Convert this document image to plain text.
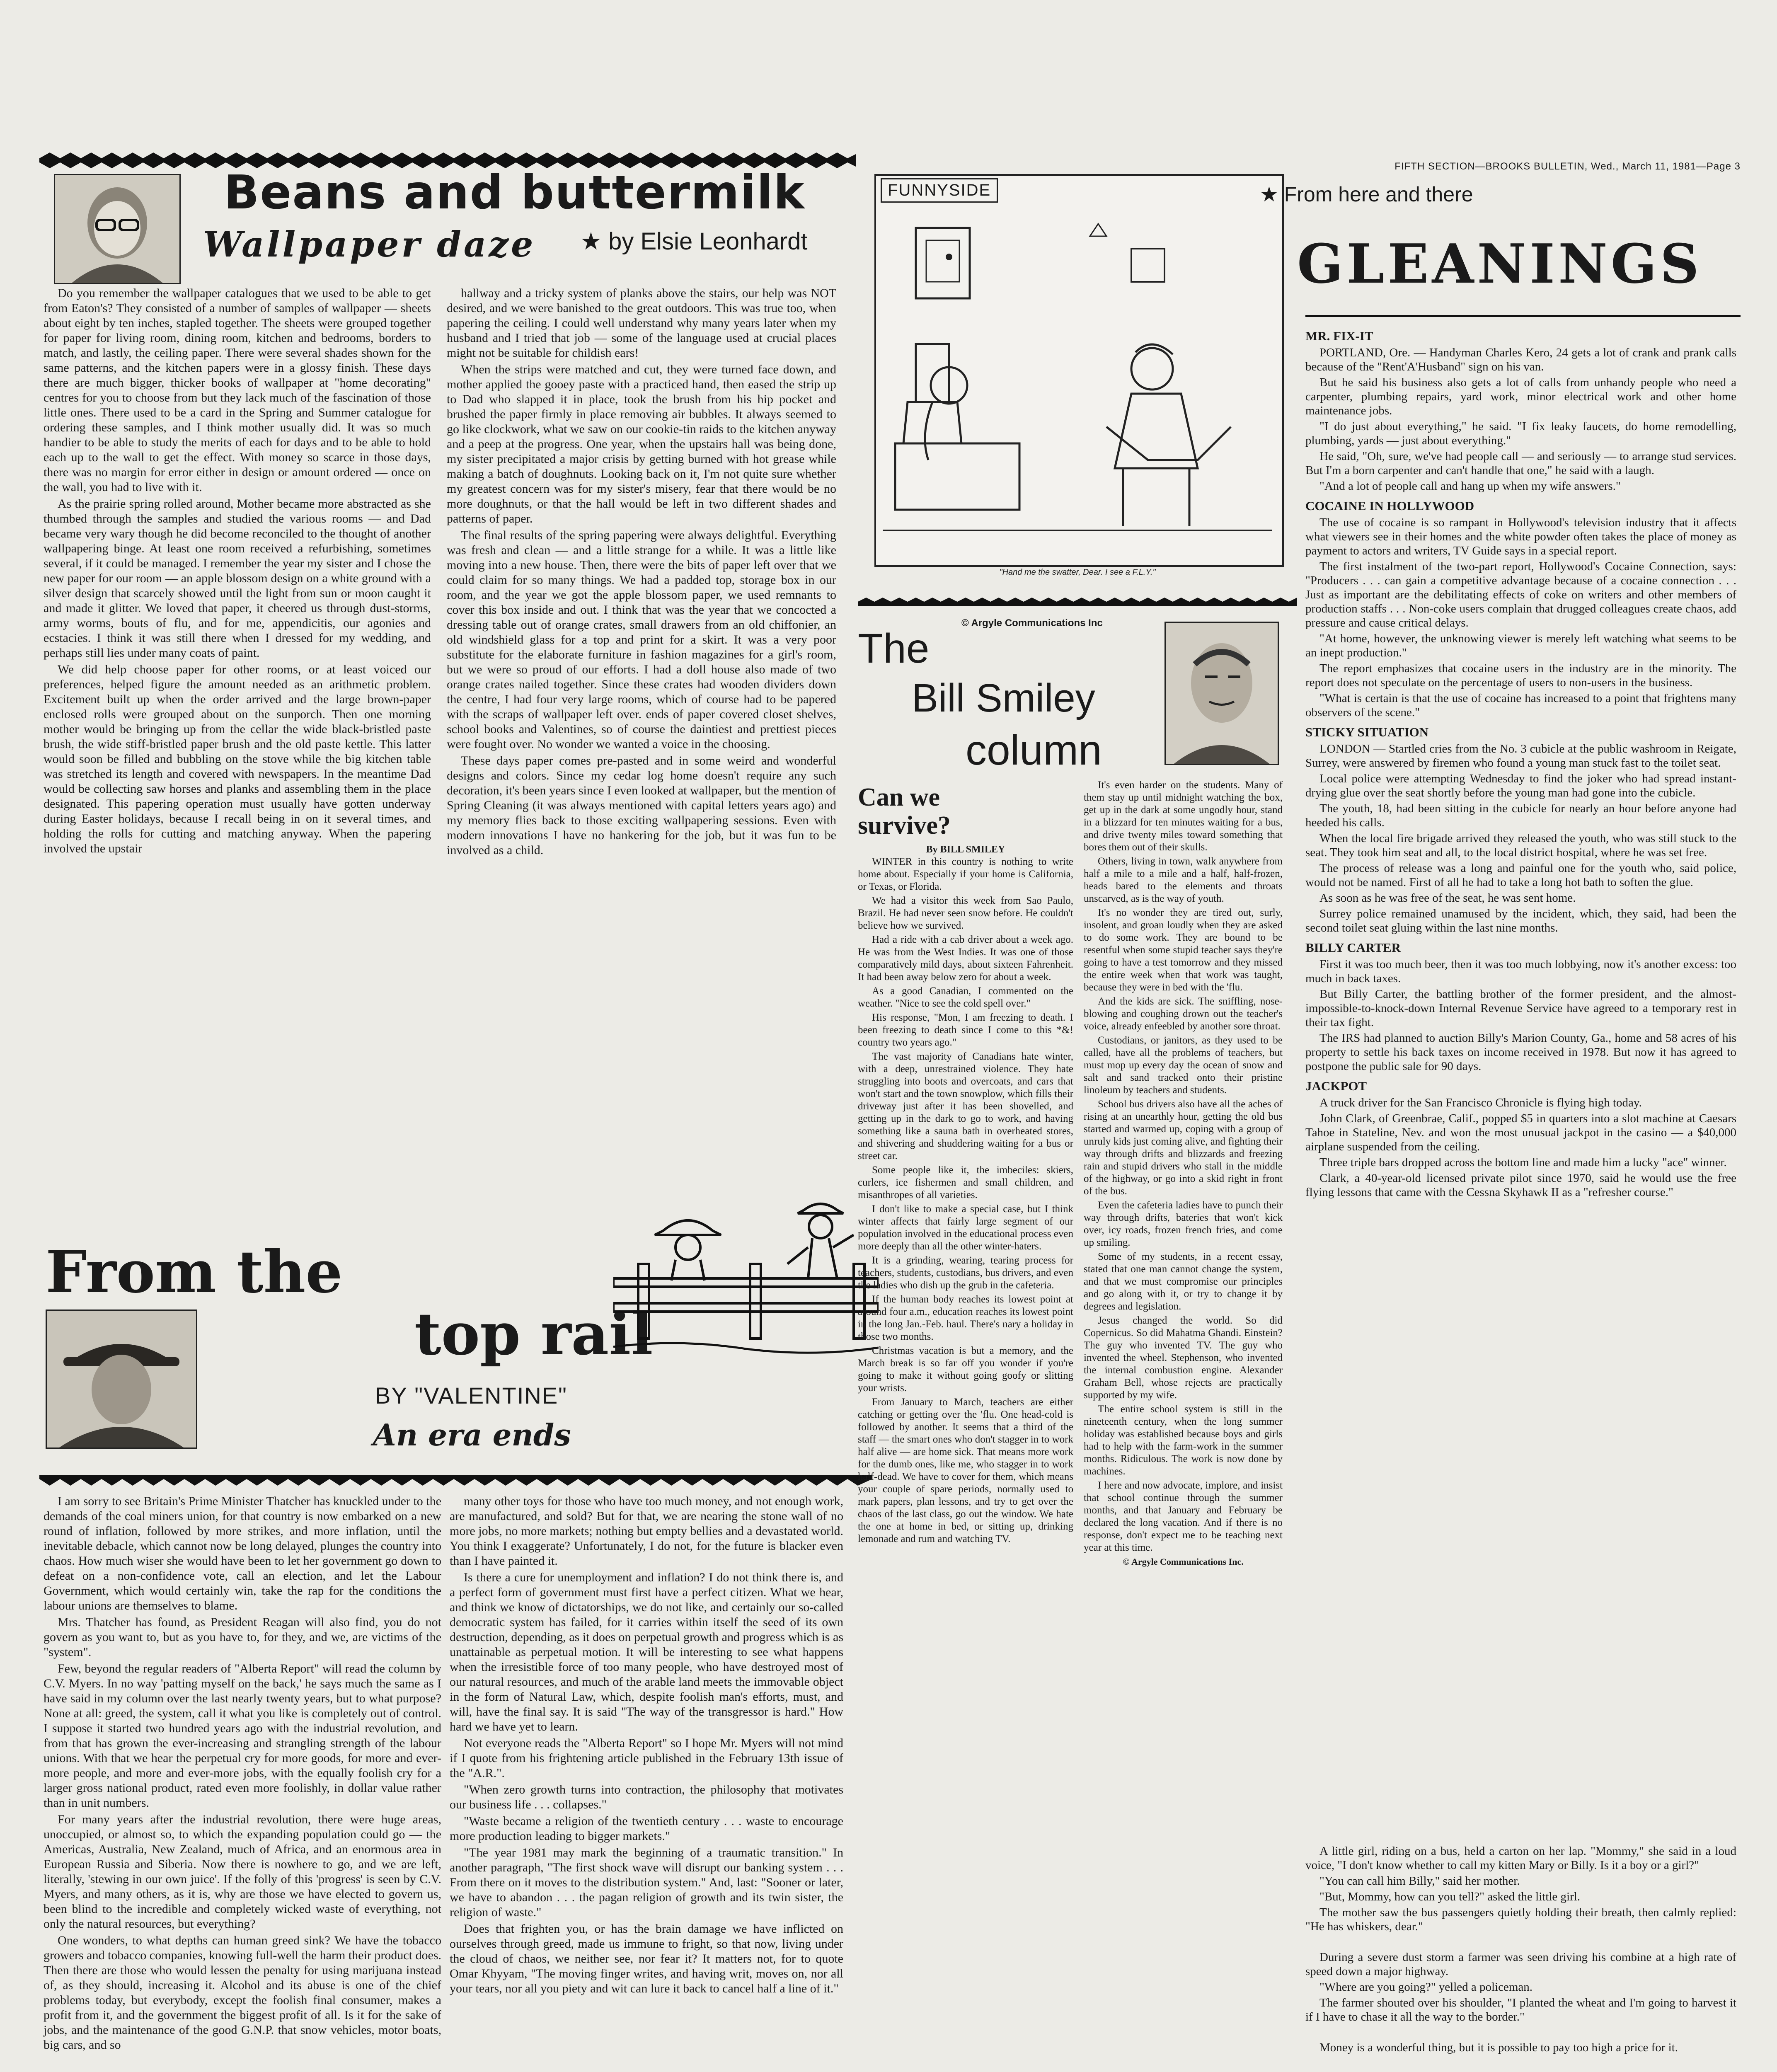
FIFTH SECTION—BROOKS BULLETIN, Wed., March 11, 1981—Page 3
Beans and buttermilk
Wallpaper daze ★ by Elsie Leonhardt

Do you remember the wallpaper catalogues that we used to be able to get from Eaton's? They consisted of a number of samples of wallpaper — sheets about eight by ten inches, stapled together. The sheets were grouped together for paper for living room, dining room, kitchen and bedrooms, borders to match, and lastly, the ceiling paper. There were several shades shown for the same patterns, and the kitchen papers were in a glossy finish. These days there are much bigger, thicker books of wallpaper at "home decorating" centres for you to choose from but they lack much of the fascination of those little ones. There used to be a card in the Spring and Summer catalogue for ordering these samples, and I think mother usually did. It was so much handier to be able to study the merits of each for days and to be able to hold each up to the wall to get the effect. With money so scarce in those days, there was no margin for error either in design or amount ordered — once on the wall, you had to live with it.

As the prairie spring rolled around, Mother became more abstracted as she thumbed through the samples and studied the various rooms — and Dad became very wary though he did become reconciled to the thought of another wallpapering binge. At least one room received a refurbishing, sometimes several, if it could be managed. I remember the year my sister and I chose the new paper for our room — an apple blossom design on a white ground with a silver design that scarcely showed until the light from sun or moon caught it and made it glitter. We loved that paper, it cheered us through dust-storms, army worms, bouts of flu, and for me, appendicitis, our agonies and ecstacies. I think it was still there when I dressed for my wedding, and perhaps still lies under many coats of paint.

We did help choose paper for other rooms, or at least voiced our preferences, helped figure the amount needed as an arithmetic problem. Excitement built up when the order arrived and the large brown-paper enclosed rolls were grouped about on the sunporch. Then one morning mother would be bringing up from the cellar the wide black-bristled paste brush, the wide stiff-bristled paper brush and the old paste kettle. This latter would soon be filled and bubbling on the stove while the big kitchen table was stretched its length and covered with newspapers. In the meantime Dad would be collecting saw horses and planks and assembling them in the place designated. This papering operation must usually have gotten underway during Easter holidays, because I recall being in on it several times, and holding the rolls for cutting and matching anyway. When the papering involved the upstair

hallway and a tricky system of planks above the stairs, our help was NOT desired, and we were banished to the great outdoors. This was true too, when papering the ceiling. I could well understand why many years later when my husband and I tried that job — some of the language used at crucial places might not be suitable for childish ears!

When the strips were matched and cut, they were turned face down, and mother applied the gooey paste with a practiced hand, then eased the strip up to Dad who slapped it in place, took the brush from his hip pocket and brushed the paper firmly in place removing air bubbles. It always seemed to go like clockwork, what we saw on our cookie-tin raids to the kitchen anyway and a peep at the progress. One year, when the upstairs hall was being done, my sister precipitated a major crisis by getting burned with hot grease while making a batch of doughnuts. Looking back on it, I'm not quite sure whether my greatest concern was for my sister's misery, fear that there would be no more doughnuts, or that the hall would be left in two different shades and patterns of paper.

The final results of the spring papering were always delightful. Everything was fresh and clean — and a little strange for a while. It was a little like moving into a new house. Then, there were the bits of paper left over that we could claim for so many things. We had a padded top, storage box in our room, and the year we got the apple blossom paper, we used remnants to cover this box inside and out. I think that was the year that we concocted a dressing table out of orange crates, small drawers from an old chiffonier, an old windshield glass for a top and print for a skirt. It was a very poor substitute for the elaborate furniture in fashion magazines for a girl's room, but we were so proud of our efforts. I had a doll house also made of two orange crates nailed together. Since these crates had wooden dividers down the centre, I had four very large rooms, which of course had to be papered with the scraps of wallpaper left over. ends of paper covered closet shelves, school books and Valentines, so of course the daintiest and prettiest pieces were fought over. No wonder we wanted a voice in the choosing.

These days paper comes pre-pasted and in some weird and wonderful designs and colors. Since my cedar log home doesn't require any such decoration, it's been years since I even looked at wallpaper, but the mention of Spring Cleaning (it was always mentioned with capital letters years ago) and my memory flies back to those exciting wallpapering sessions. Even with modern innovations I have no hankering for the job, but it was fun to be involved as a child.

From the
top rail
BY "VALENTINE"
An era ends

I am sorry to see Britain's Prime Minister Thatcher has knuckled under to the demands of the coal miners union, for that country is now embarked on a new round of inflation, followed by more strikes, and more inflation, until the inevitable debacle, which cannot now be long delayed, plunges the country into chaos. How much wiser she would have been to let her government go down to defeat on a non-confidence vote, call an election, and let the Labour Government, which would certainly win, take the rap for the conditions the labour unions are themselves to blame.

Mrs. Thatcher has found, as President Reagan will also find, you do not govern as you want to, but as you have to, for they, and we, are victims of the "system".

Few, beyond the regular readers of "Alberta Report" will read the column by C.V. Myers. In no way 'patting myself on the back,' he says much the same as I have said in my column over the last nearly twenty years, but to what purpose? None at all: greed, the system, call it what you like is completely out of control. I suppose it started two hundred years ago with the industrial revolution, and from that has grown the ever-increasing and strangling strength of the labour unions. With that we hear the perpetual cry for more goods, for more and ever-more people, and more and ever-more jobs, with the equally foolish cry for a larger gross national product, rated even more foolishly, in dollar value rather than in unit numbers.

For many years after the industrial revolution, there were huge areas, unoccupied, or almost so, to which the expanding population could go — the Americas, Australia, New Zealand, much of Africa, and an enormous area in European Russia and Siberia. Now there is nowhere to go, and we are left, literally, 'stewing in our own juice'. If the folly of this 'progress' is seen by C.V. Myers, and many others, as it is, why are those we have elected to govern us, been blind to the incredible and completely wicked waste of everything, not only the natural resources, but everything?

One wonders, to what depths can human greed sink? We have the tobacco growers and tobacco companies, knowing full-well the harm their product does. Then there are those who would lessen the penalty for using marijuana instead of, as they should, increasing it. Alcohol and its abuse is one of the chief problems today, but everybody, except the foolish final consumer, makes a profit from it, and the government the biggest profit of all. Is it for the sake of jobs, and the maintenance of the good G.N.P. that snow vehicles, motor boats, big cars, and so

many other toys for those who have too much money, and not enough work, are manufactured, and sold? But for that, we are nearing the stone wall of no more jobs, no more markets; nothing but empty bellies and a devastated world. You think I exaggerate? Unfortunately, I do not, for the future is blacker even than I have painted it.

Is there a cure for unemployment and inflation? I do not think there is, and a perfect form of government must first have a perfect citizen. What we hear, and think we know of dictatorships, we do not like, and certainly our so-called democratic system has failed, for it carries within itself the seed of its own destruction, depending, as it does on perpetual growth and progress which is as unattainable as perpetual motion. It will be interesting to see what happens when the irresistible force of too many people, who have destroyed most of our natural resources, and much of the arable land meets the immovable object in the form of Natural Law, which, despite foolish man's efforts, must, and will, have the final say. It is said "The way of the transgressor is hard." How hard we have yet to learn.

Not everyone reads the "Alberta Report" so I hope Mr. Myers will not mind if I quote from his frightening article published in the February 13th issue of the "A.R.".

"When zero growth turns into contraction, the philosophy that motivates our business life . . . collapses."

"Waste became a religion of the twentieth century . . . waste to encourage more production leading to bigger markets."

"The year 1981 may mark the beginning of a traumatic transition." In another paragraph, "The first shock wave will disrupt our banking system . . . From there on it moves to the distribution system." And, last: "Sooner or later, we have to abandon . . . the pagan religion of growth and its twin sister, the religion of waste."

Does that frighten you, or has the brain damage we have inflicted on ourselves through greed, made us immune to fright, so that now, living under the cloud of chaos, we neither see, nor fear it? It matters not, for to quote Omar Khyyam, "The moving finger writes, and having writ, moves on, nor all your tears, nor all you piety and wit can lure it back to cancel half a line of it."

FUNNYSIDE
"Hand me the swatter, Dear. I see a F.L.Y."
© Argyle Communications Inc
The
Bill Smiley
column
Can we survive?
By BILL SMILEY

WINTER in this country is nothing to write home about. Especially if your home is California, or Texas, or Florida.

We had a visitor this week from Sao Paulo, Brazil. He had never seen snow before. He couldn't believe how we survived.

Had a ride with a cab driver about a week ago. He was from the West Indies. It was one of those comparatively mild days, about sixteen Fahrenheit. It had been away below zero for about a week.

As a good Canadian, I commented on the weather. "Nice to see the cold spell over."

His response, "Mon, I am freezing to death. I been freezing to death since I come to this *&! country two years ago."

The vast majority of Canadians hate winter, with a deep, unrestrained violence. They hate struggling into boots and overcoats, and cars that won't start and the town snowplow, which fills their driveway just after it has been shovelled, and getting up in the dark to go to work, and having something like a sauna bath in overheated stores, and shivering and shuddering waiting for a bus or street car.

Some people like it, the imbeciles: skiers, curlers, ice fishermen and small children, and misanthropes of all varieties.

I don't like to make a special case, but I think winter affects that fairly large segment of our population involved in the educational process even more deeply than all the other winter-haters.

It is a grinding, wearing, tearing process for teachers, students, custodians, bus drivers, and even the ladies who dish up the grub in the cafeteria.

If the human body reaches its lowest point at around four a.m., education reaches its lowest point in the long Jan.-Feb. haul. There's nary a holiday in those two months.

Christmas vacation is but a memory, and the March break is so far off you wonder if you're going to make it without going goofy or slitting your wrists.

From January to March, teachers are either catching or getting over the 'flu. One head-cold is followed by another. It seems that a third of the staff — the smart ones who don't stagger in to work half alive — are home sick. That means more work for the dumb ones, like me, who stagger in to work half-dead. We have to cover for them, which means your couple of spare periods, normally used to mark papers, plan lessons, and try to get over the chaos of the last class, go out the window. We hate the one at home in bed, or sitting up, drinking lemonade and rum and watching TV.

It's even harder on the students. Many of them stay up until midnight watching the box, get up in the dark at some ungodly hour, stand in a blizzard for ten minutes waiting for a bus, and drive twenty miles toward something that bores them out of their skulls.

Others, living in town, walk anywhere from half a mile to a mile and a half, half-frozen, heads bared to the elements and throats unscarved, as is the way of youth.

It's no wonder they are tired out, surly, insolent, and groan loudly when they are asked to do some work. They are bound to be resentful when some stupid teacher says they're going to have a test tomorrow and they missed the entire week when that work was taught, because they were in bed with the 'flu.

And the kids are sick. The sniffling, nose-blowing and coughing drown out the teacher's voice, already enfeebled by another sore throat.

Custodians, or janitors, as they used to be called, have all the problems of teachers, but must mop up every day the ocean of snow and salt and sand tracked onto their pristine linoleum by teachers and students.

School bus drivers also have all the aches of rising at an unearthly hour, getting the old bus started and warmed up, coping with a group of unruly kids just coming alive, and fighting their way through drifts and blizzards and freezing rain and stupid drivers who stall in the middle of the highway, or go into a skid right in front of the bus.

Even the cafeteria ladies have to punch their way through drifts, bateries that won't kick over, icy roads, frozen french fries, and come up smiling.

Some of my students, in a recent essay, stated that one man cannot change the system, and that we must compromise our principles and go along with it, or try to change it by degrees and legislation.

Jesus changed the world. So did Copernicus. So did Mahatma Ghandi. Einstein? The guy who invented TV. The guy who invented the wheel. Stephenson, who invented the internal combustion engine. Alexander Graham Bell, whose rejects are practically supported by my wife.

The entire school system is still in the nineteenth century, when the long summer holiday was established because boys and girls had to help with the farm-work in the summer months. Ridiculous. The work is now done by machines.

I here and now advocate, implore, and insist that school continue through the summer months, and that January and February be declared the long vacation. And if there is no response, don't expect me to be teaching next year at this time.

© Argyle Communications Inc.
★ From here and there
GLEANINGS
MR. FIX-IT

PORTLAND, Ore. — Handyman Charles Kero, 24 gets a lot of crank and prank calls because of the "Rent'A'Husband" sign on his van.

But he said his business also gets a lot of calls from unhandy people who need a carpenter, plumbing repairs, yard work, minor electrical work and other home maintenance jobs.

"I do just about everything," he said. "I fix leaky faucets, do home remodelling, plumbing, yards — just about everything."

He said, "Oh, sure, we've had people call — and seriously — to arrange stud services. But I'm a born carpenter and can't handle that one," he said with a laugh.

"And a lot of people call and hang up when my wife answers."

COCAINE IN HOLLYWOOD

The use of cocaine is so rampant in Hollywood's television industry that it affects what viewers see in their homes and the white powder often takes the place of money as payment to actors and writers, TV Guide says in a special report.

The first instalment of the two-part report, Hollywood's Cocaine Connection, says: "Producers . . . can gain a competitive advantage because of a cocaine connection . . . Just as important are the debilitating effects of coke on writers and other members of production staffs . . . Non-coke users complain that drugged colleagues create chaos, add pressure and cause critical delays.

"At home, however, the unknowing viewer is merely left watching what seems to be an inept production."

The report emphasizes that cocaine users in the industry are in the minority. The report does not speculate on the percentage of users to non-users in the business.

"What is certain is that the use of cocaine has increased to a point that frightens many observers of the scene."

STICKY SITUATION

LONDON — Startled cries from the No. 3 cubicle at the public washroom in Reigate, Surrey, were answered by firemen who found a young man stuck fast to the toilet seat.

Local police were attempting Wednesday to find the joker who had spread instant-drying glue over the seat shortly before the young man had gone into the cubicle.

The youth, 18, had been sitting in the cubicle for nearly an hour before anyone had heeded his calls.

When the local fire brigade arrived they released the youth, who was still stuck to the seat. They took him seat and all, to the local district hospital, where he was set free.

The process of release was a long and painful one for the youth who, said police, would not be named. First of all he had to take a long hot bath to soften the glue.

As soon as he was free of the seat, he was sent home.

Surrey police remained unamused by the incident, which, they said, had been the second toilet seat gluing within the last nine months.

BILLY CARTER

First it was too much beer, then it was too much lobbying, now it's another excess: too much in back taxes.

But Billy Carter, the battling brother of the former president, and the almost-impossible-to-knock-down Internal Revenue Service have agreed to a temporary rest in their tax fight.

The IRS had planned to auction Billy's Marion County, Ga., home and 58 acres of his property to settle his back taxes on income received in 1978. But now it has agreed to postpone the public sale for 90 days.

JACKPOT

A truck driver for the San Francisco Chronicle is flying high today.

John Clark, of Greenbrae, Calif., popped $5 in quarters into a slot machine at Caesars Tahoe in Stateline, Nev. and won the most unusual jackpot in the casino — a $40,000 airplane suspended from the ceiling.

Three triple bars dropped across the bottom line and made him a lucky "ace" winner.

Clark, a 40-year-old licensed private pilot since 1970, said he would use the free flying lessons that came with the Cessna Skyhawk II as a "refresher course."

A little girl, riding on a bus, held a carton on her lap. "Mommy," she said in a loud voice, "I don't know whether to call my kitten Mary or Billy. Is it a boy or a girl?"

"You can call him Billy," said her mother.

"But, Mommy, how can you tell?" asked the little girl.

The mother saw the bus passengers quietly holding their breath, then calmly replied: "He has whiskers, dear."

During a severe dust storm a farmer was seen driving his combine at a high rate of speed down a major highway.

"Where are you going?" yelled a policeman.

The farmer shouted over his shoulder, "I planted the wheat and I'm going to harvest it if I have to chase it all the way to the border."

Money is a wonderful thing, but it is possible to pay too high a price for it.
